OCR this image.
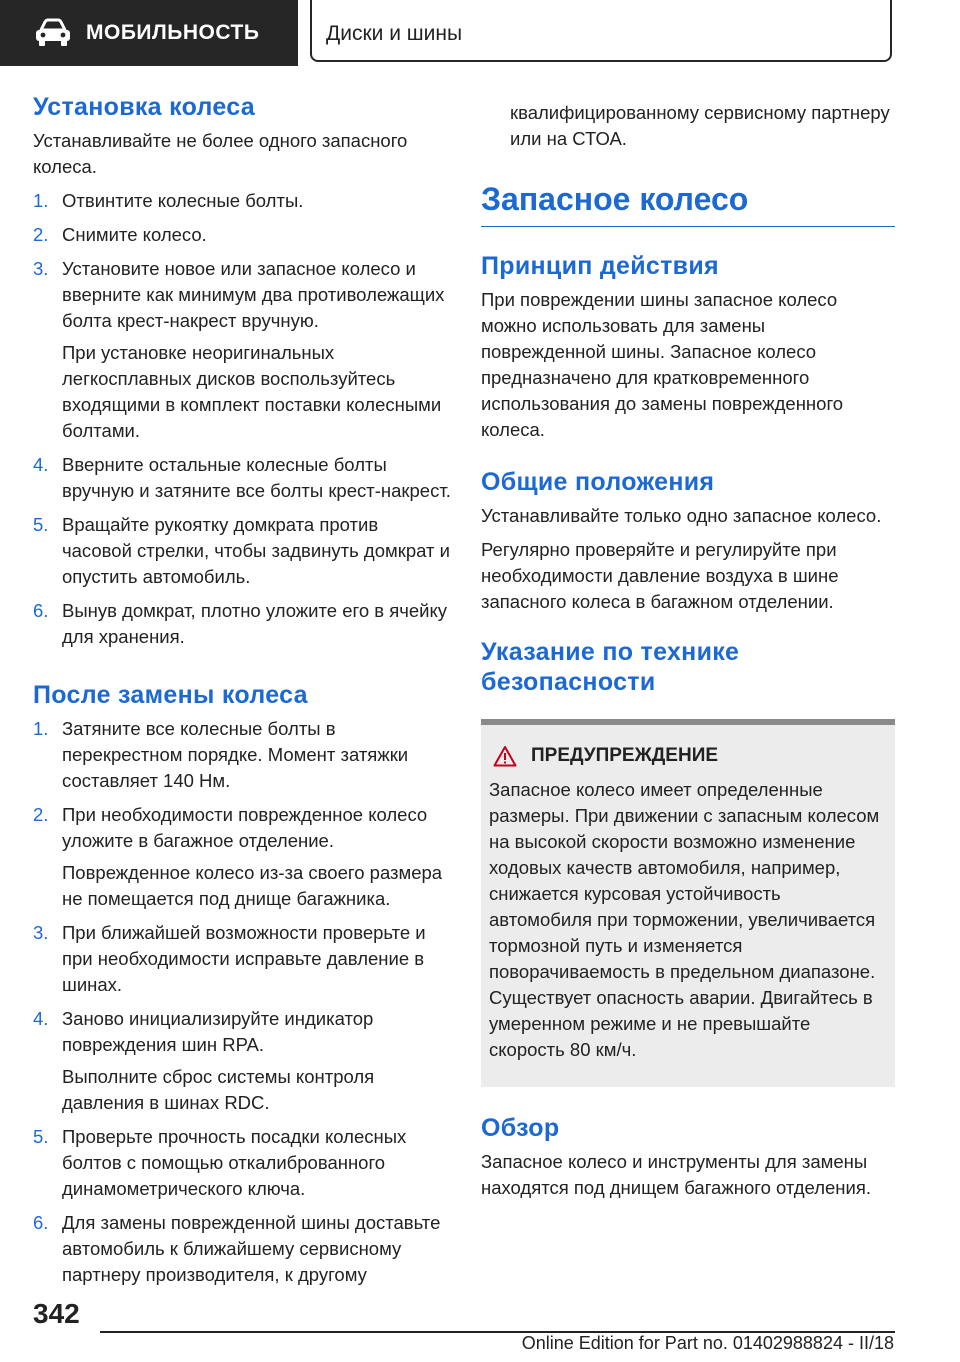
МОБИЛЬНОСТЬ	Диски и шины
Установка колеса

Устанавливайте не более одного запасного колеса.

1. Отвинтите колесные болты.
2. Снимите колесо.
3. Установите новое или запасное колесо и вверните как минимум два противолежащих болта крест-накрест вручную.

При установке неоригинальных легкосплавных дисков воспользуйтесь входящими в комплект поставки колесными болтами.

4. Вверните остальные колесные болты вручную и затяните все болты крест-накрест.
5. Вращайте рукоятку домкрата против часовой стрелки, чтобы задвинуть домкрат и опустить автомобиль.
6. Вынув домкрат, плотно уложите его в ячейку для хранения.
После замены колеса
1. Затяните все колесные болты в перекрестном порядке. Момент затяжки составляет 140 Нм.
2. При необходимости поврежденное колесо уложите в багажное отделение.

Поврежденное колесо из-за своего размера не помещается под днище багажника.

3. При ближайшей возможности проверьте и при необходимости исправьте давление в шинах.
4. Заново инициализируйте индикатор повреждения шин RPA.

Выполните сброс системы контроля давления в шинах RDC.

5. Проверьте прочность посадки колесных болтов с помощью откалиброванного динамометрического ключа.
6. Для замены поврежденной шины доставьте автомобиль к ближайшему сервисному партнеру производителя, к другому

квалифицированному сервисному партнеру или на СТОА.

Запасное колесо
Принцип действия

При повреждении шины запасное колесо можно использовать для замены поврежденной шины. Запасное колесо предназначено для кратковременного использования до замены поврежденного колеса.

Общие положения

Устанавливайте только одно запасное колесо.

Регулярно проверяйте и регулируйте при необходимости давление воздуха в шине запасного колеса в багажном отделении.

Указание по технике безопасности
ПРЕДУПРЕЖДЕНИЕ

Запасное колесо имеет определенные размеры. При движении с запасным колесом на высокой скорости возможно изменение ходовых качеств автомобиля, например, снижается курсовая устойчивость автомобиля при торможении, увеличивается тормозной путь и изменяется поворачиваемость в предельном диапазоне. Существует опасность аварии. Двигайтесь в умеренном режиме и не превышайте скорость 80 км/ч.

Обзор

Запасное колесо и инструменты для замены находятся под днищем багажного отделения.

342
Online Edition for Part no. 01402988824 - II/18
